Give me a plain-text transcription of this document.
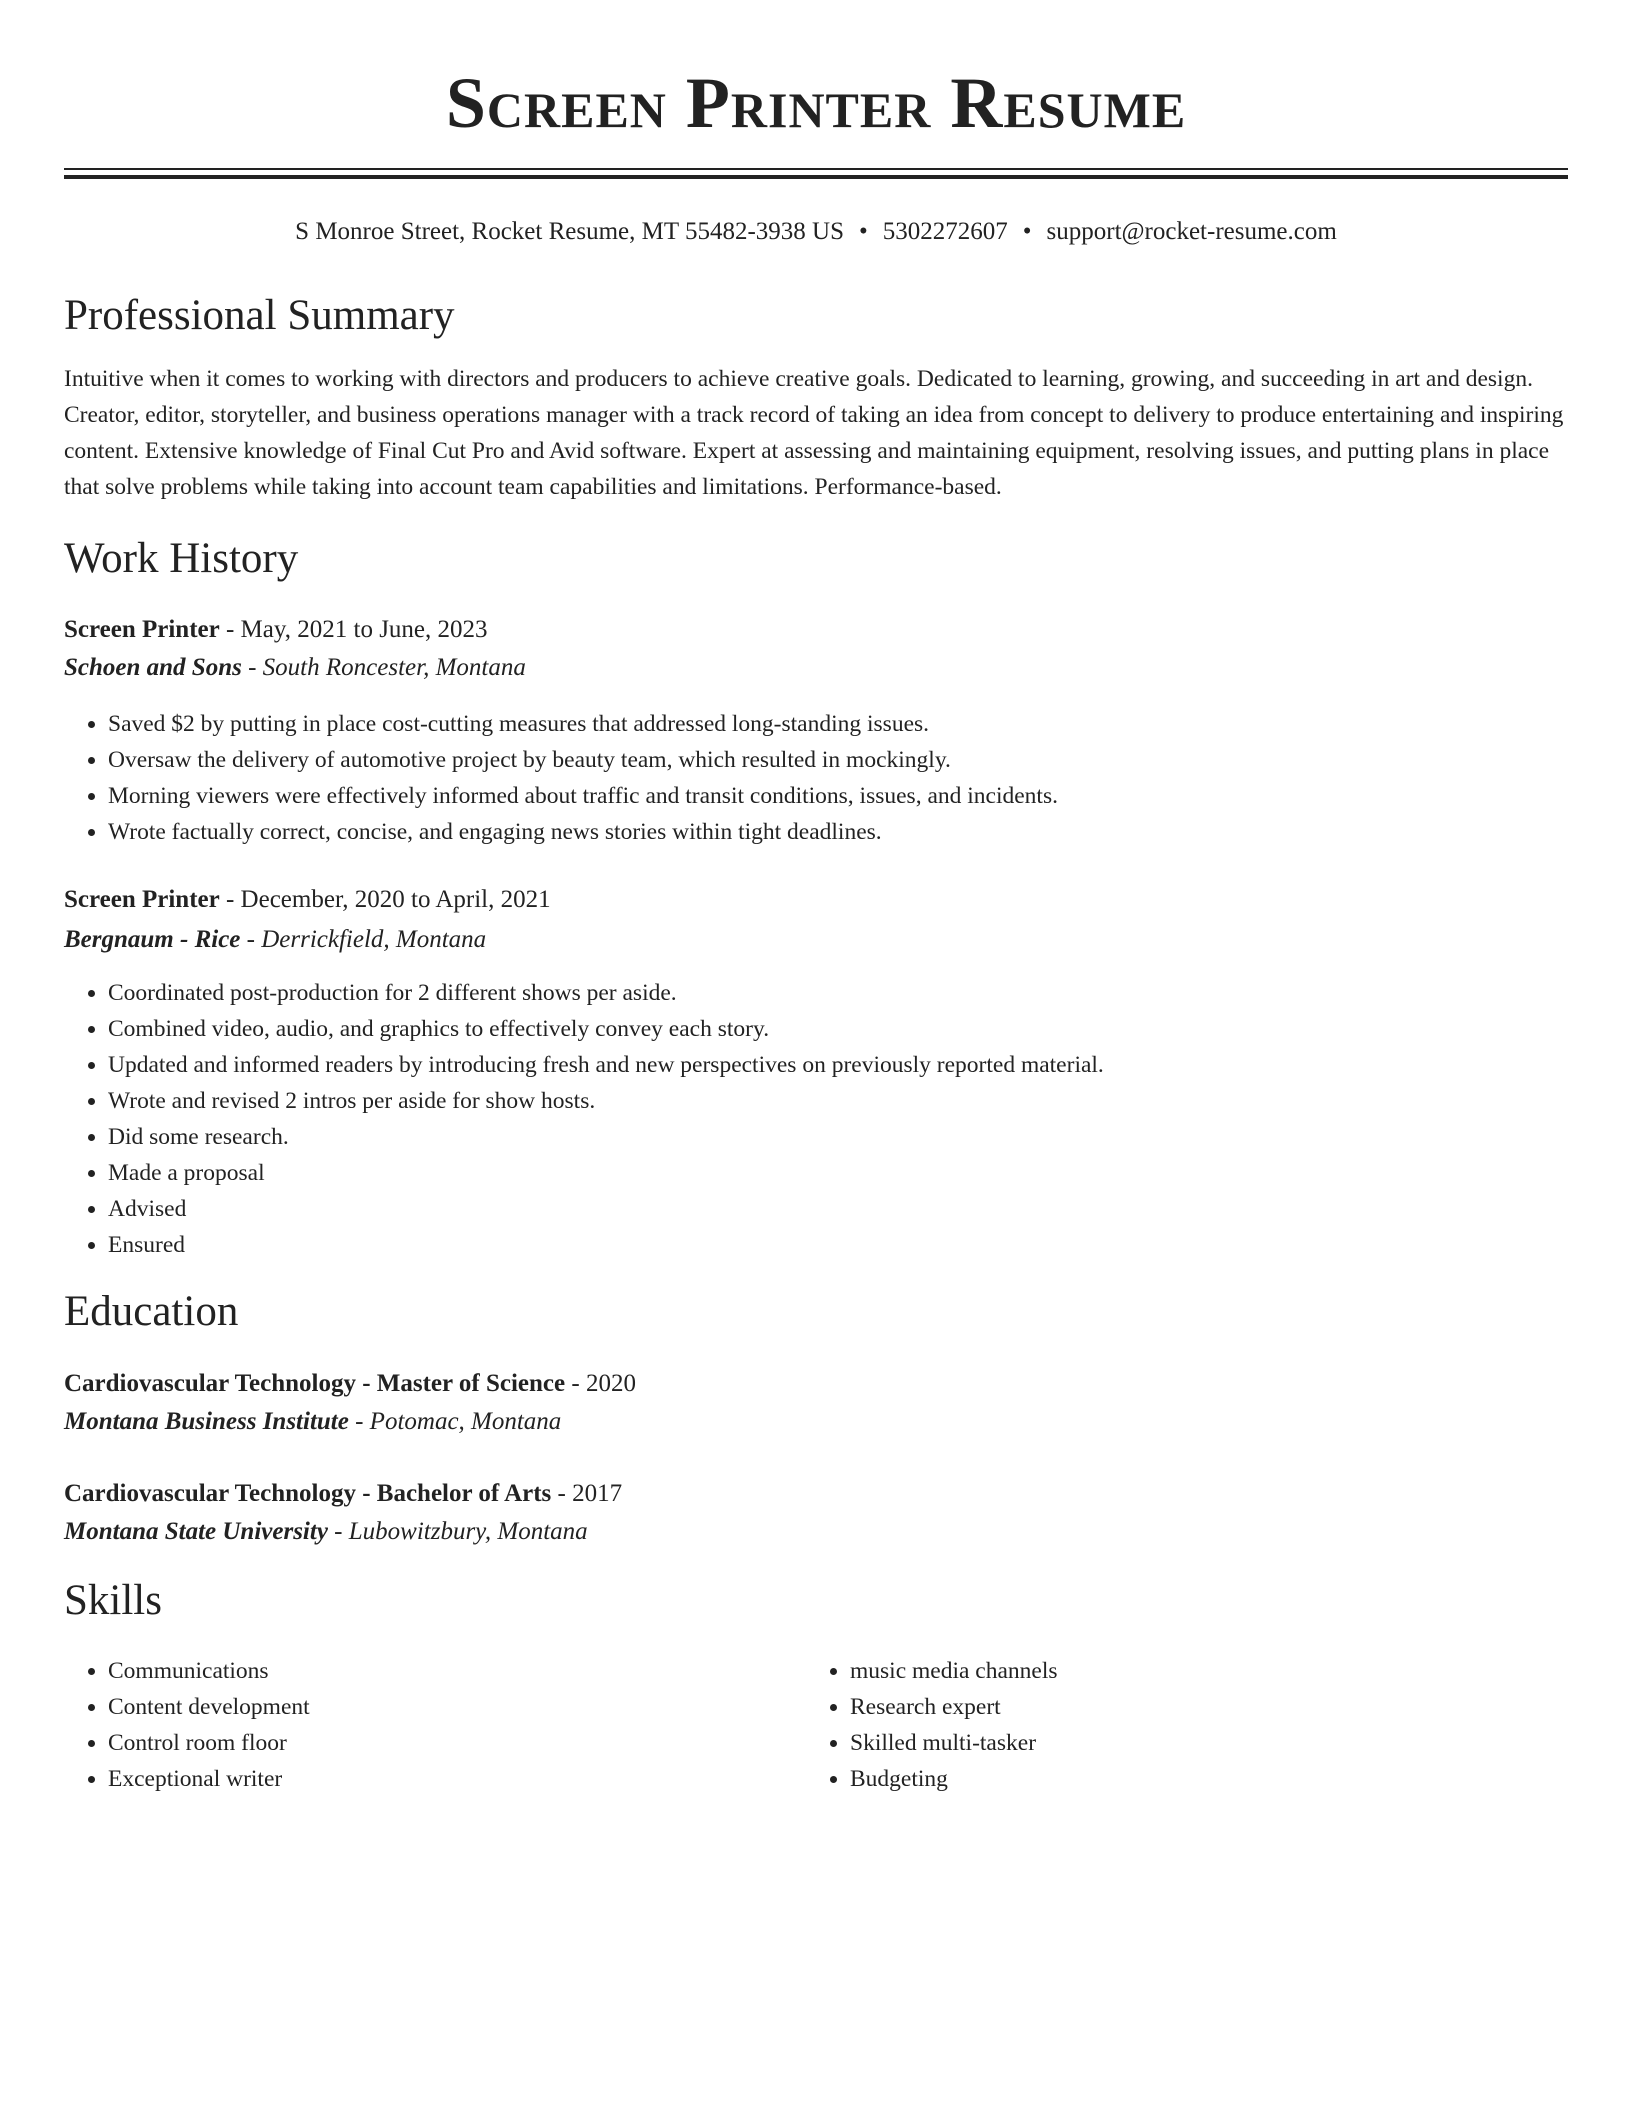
Screen Printer Resume
S Monroe Street, Rocket Resume, MT 55482-3938 US • 5302272607 • support@rocket-resume.com
Professional Summary

Intuitive when it comes to working with directors and producers to achieve creative goals. Dedicated to learning, growing, and succeeding in art and design. Creator, editor, storyteller, and business operations manager with a track record of taking an idea from concept to delivery to produce entertaining and inspiring content. Extensive knowledge of Final Cut Pro and Avid software. Expert at assessing and maintaining equipment, resolving issues, and putting plans in place that solve problems while taking into account team capabilities and limitations. Performance-based.

Work History
Screen Printer - May, 2021 to June, 2023
Schoen and Sons - South Roncester, Montana
• Saved $2 by putting in place cost-cutting measures that addressed long-standing issues.
• Oversaw the delivery of automotive project by beauty team, which resulted in mockingly.
• Morning viewers were effectively informed about traffic and transit conditions, issues, and incidents.
• Wrote factually correct, concise, and engaging news stories within tight deadlines.
Screen Printer - December, 2020 to April, 2021
Bergnaum - Rice - Derrickfield, Montana
• Coordinated post-production for 2 different shows per aside.
• Combined video, audio, and graphics to effectively convey each story.
• Updated and informed readers by introducing fresh and new perspectives on previously reported material.
• Wrote and revised 2 intros per aside for show hosts.
• Did some research.
• Made a proposal
• Advised
• Ensured
Education
Cardiovascular Technology - Master of Science - 2020
Montana Business Institute - Potomac, Montana
Cardiovascular Technology - Bachelor of Arts - 2017
Montana State University - Lubowitzbury, Montana
Skills
• Communications
• Content development
• Control room floor
• Exceptional writer
• music media channels
• Research expert
• Skilled multi-tasker
• Budgeting
